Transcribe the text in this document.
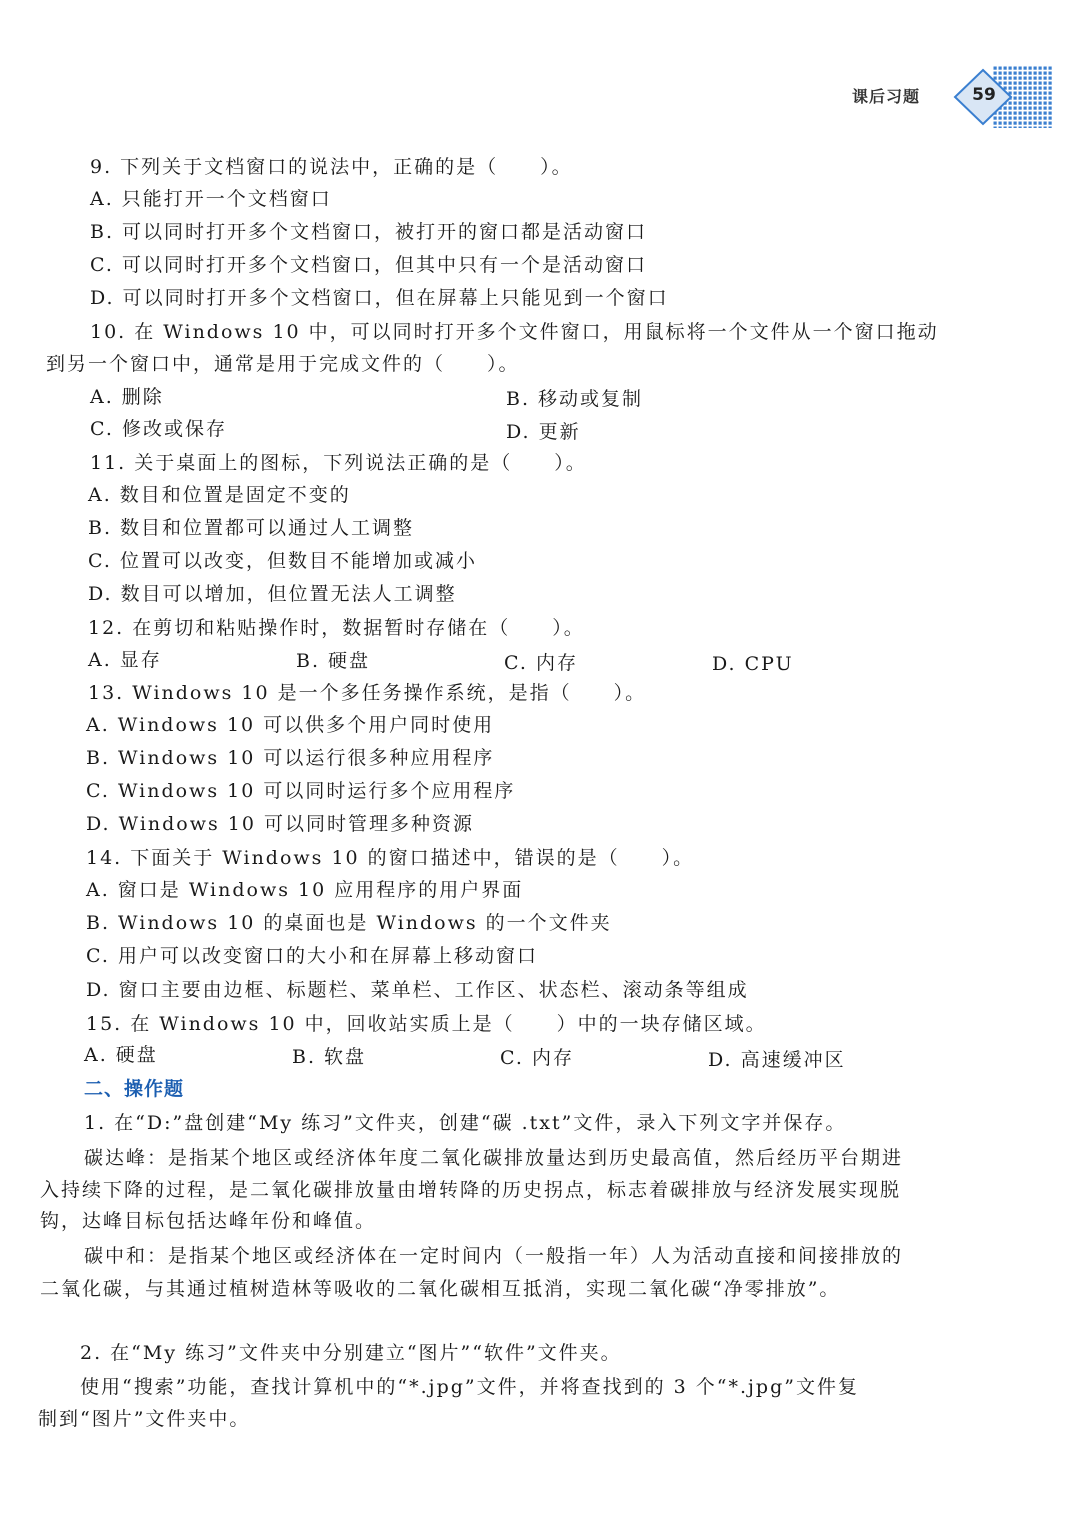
课后习题	59
9. 下列关于文档窗口的说法中，正确的是（　　）。
A. 只能打开一个文档窗口
B. 可以同时打开多个文档窗口，被打开的窗口都是活动窗口
C. 可以同时打开多个文档窗口，但其中只有一个是活动窗口
D. 可以同时打开多个文档窗口，但在屏幕上只能见到一个窗口
10. 在 Windows 10 中，可以同时打开多个文件窗口，用鼠标将一个文件从一个窗口拖动
到另一个窗口中，通常是用于完成文件的（　　）。
A. 删除	B. 移动或复制
C. 修改或保存	D. 更新
11. 关于桌面上的图标，下列说法正确的是（　　）。
A. 数目和位置是固定不变的
B. 数目和位置都可以通过人工调整
C. 位置可以改变，但数目不能增加或减小
D. 数目可以增加，但位置无法人工调整
12. 在剪切和粘贴操作时，数据暂时存储在（　　）。
A. 显存	B. 硬盘	C. 内存	D. CPU
13. Windows 10 是一个多任务操作系统，是指（　　）。
A. Windows 10 可以供多个用户同时使用
B. Windows 10 可以运行很多种应用程序
C. Windows 10 可以同时运行多个应用程序
D. Windows 10 可以同时管理多种资源
14. 下面关于 Windows 10 的窗口描述中，错误的是（　　）。
A. 窗口是 Windows 10 应用程序的用户界面
B. Windows 10 的桌面也是 Windows 的一个文件夹
C. 用户可以改变窗口的大小和在屏幕上移动窗口
D. 窗口主要由边框、标题栏、菜单栏、工作区、状态栏、滚动条等组成
15. 在 Windows 10 中，回收站实质上是（　　）中的一块存储区域。
A. 硬盘	B. 软盘	C. 内存	D. 高速缓冲区
二、操作题
1. 在“D:”盘创建“My 练习”文件夹，创建“碳 .txt”文件，录入下列文字并保存。
碳达峰：是指某个地区或经济体年度二氧化碳排放量达到历史最高值，然后经历平台期进
入持续下降的过程，是二氧化碳排放量由增转降的历史拐点，标志着碳排放与经济发展实现脱
钩，达峰目标包括达峰年份和峰值。
碳中和：是指某个地区或经济体在一定时间内（一般指一年）人为活动直接和间接排放的
二氧化碳，与其通过植树造林等吸收的二氧化碳相互抵消，实现二氧化碳“净零排放”。
2. 在“My 练习”文件夹中分别建立“图片”“软件”文件夹。
使用“搜索”功能，查找计算机中的“*.jpg”文件，并将查找到的 3 个“*.jpg”文件复
制到“图片”文件夹中。
